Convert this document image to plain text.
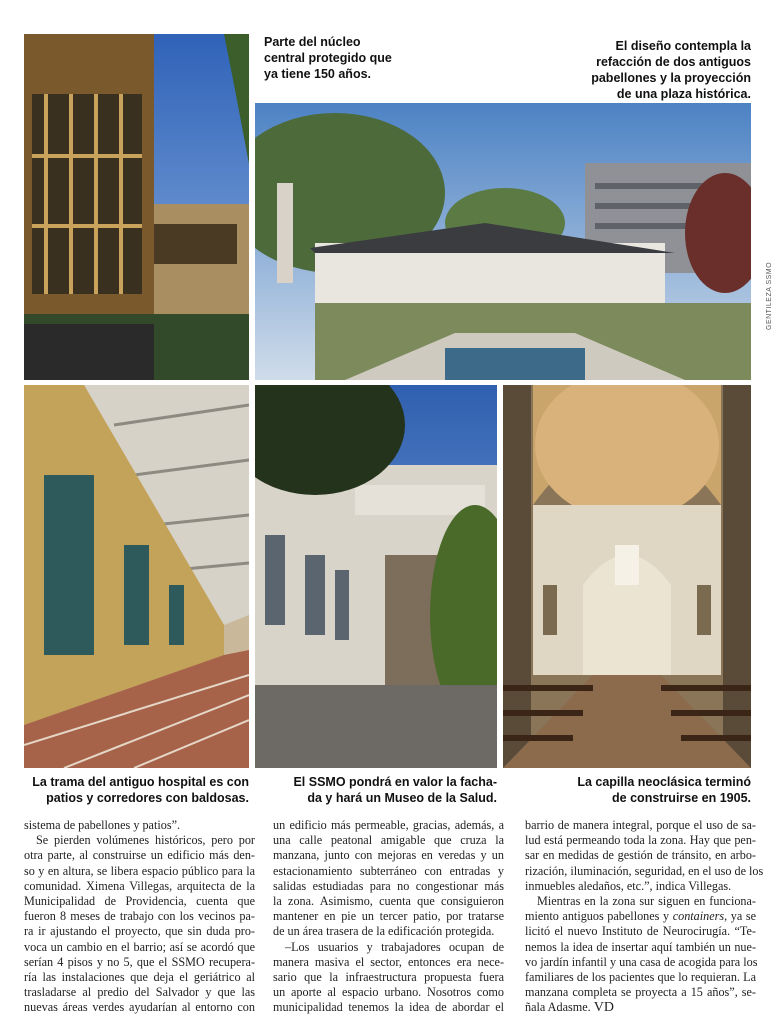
Parte del núcleo
central protegido que
ya tiene 150 años.
El diseño contempla la
refacción de dos antiguos
pabellones y la proyección
de una plaza histórica.
La trama del antiguo hospital es con
patios y corredores con baldosas.
El SSMO pondrá en valor la facha-
da y hará un Museo de la Salud.
La capilla neoclásica terminó
de construirse en 1905.
GENTILEZA SSMO

sistema de pabellones y patios”.

Se pierden volúmenes históricos, pero por
otra parte, al construirse un edificio más den-
so y en altura, se libera espacio público para la
comunidad. Ximena Villegas, arquitecta de la
Municipalidad de Providencia, cuenta que
fueron 8 meses de trabajo con los vecinos pa-
ra ir ajustando el proyecto, que sin duda pro-
voca un cambio en el barrio; así se acordó que
serían 4 pisos y no 5, que el SSMO recupera-
ría las instalaciones que deja el geriátrico al
trasladarse al predio del Salvador y que las
nuevas áreas verdes ayudarían al entorno con

un edificio más permeable, gracias, además, a
una calle peatonal amigable que cruza la
manzana, junto con mejoras en veredas y un
estacionamiento subterráneo con entradas y
salidas estudiadas para no congestionar más
la zona. Asimismo, cuenta que consiguieron
mantener en pie un tercer patio, por tratarse
de un área trasera de la edificación protegida.

–Los usuarios y trabajadores ocupan de
manera masiva el sector, entonces era nece-
sario que la infraestructura propuesta fuera
un aporte al espacio urbano. Nosotros como
municipalidad tenemos la idea de abordar el

barrio de manera integral, porque el uso de sa-
lud está permeando toda la zona. Hay que pen-
sar en medidas de gestión de tránsito, en arbo-
rización, iluminación, seguridad, en el uso de los
inmuebles aledaños, etc.”, indica Villegas.

Mientras en la zona sur siguen en funciona-
miento antiguos pabellones y containers, ya se
licitó el nuevo Instituto de Neurocirugía. “Te-
nemos la idea de insertar aquí también un nue-
vo jardín infantil y una casa de acogida para los
familiares de los pacientes que lo requieran. La
manzana completa se proyecta a 15 años”, se-
ñala Adasme. VD
